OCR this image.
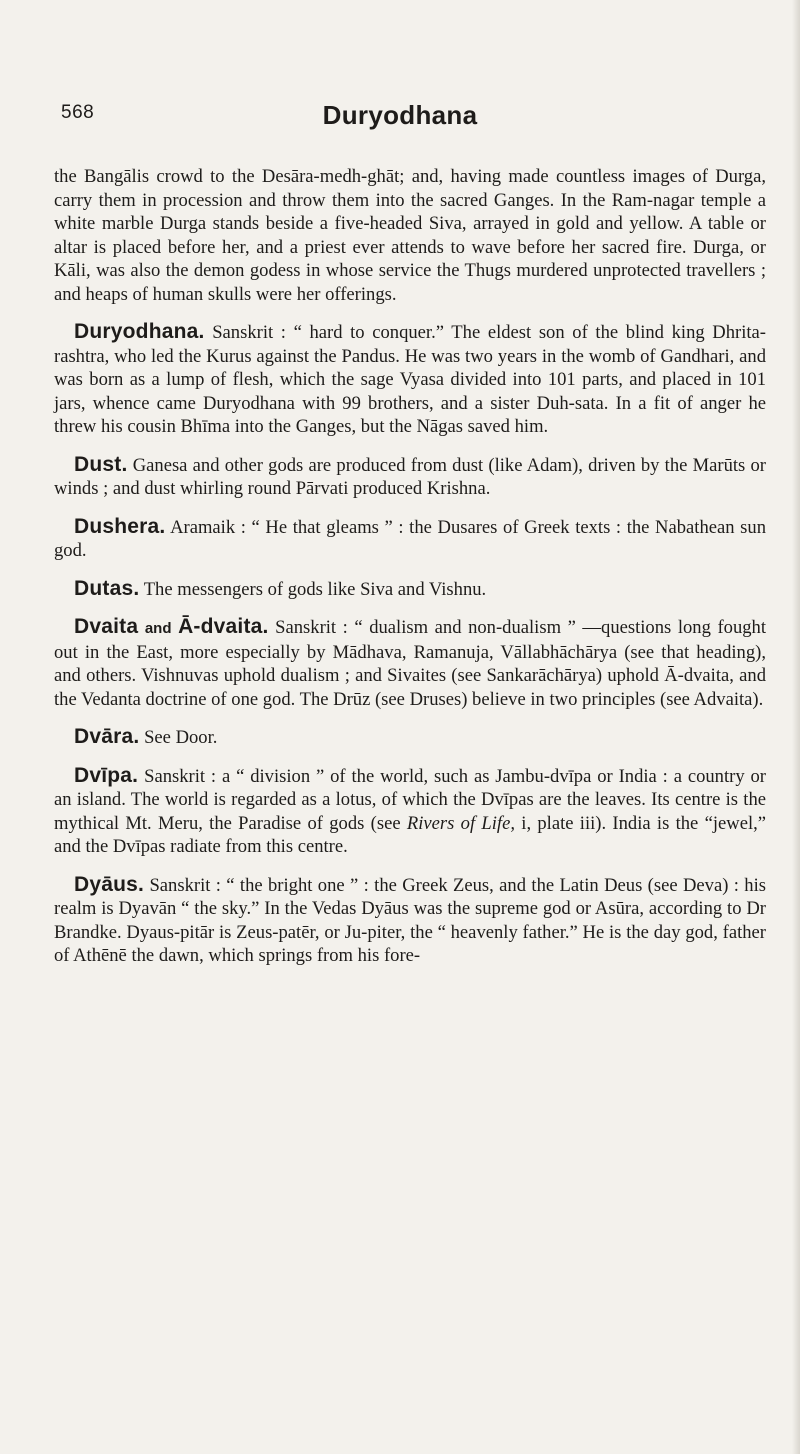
568	Duryodhana

the Bangālis crowd to the Desāra-medh-ghāt; and, having made countless images of Durga, carry them in procession and throw them into the sacred Ganges. In the Ram-nagar temple a white marble Durga stands beside a five-headed Siva, arrayed in gold and yellow. A table or altar is placed before her, and a priest ever attends to wave before her sacred fire. Durga, or Kāli, was also the demon godess in whose service the Thugs murdered unprotected travellers ; and heaps of human skulls were her offerings.

Duryodhana. Sanskrit : “ hard to conquer.” The eldest son of the blind king Dhrita-rashtra, who led the Kurus against the Pandus. He was two years in the womb of Gandhari, and was born as a lump of flesh, which the sage Vyasa divided into 101 parts, and placed in 101 jars, whence came Duryodhana with 99 brothers, and a sister Duh-sata. In a fit of anger he threw his cousin Bhīma into the Ganges, but the Nāgas saved him.

Dust. Ganesa and other gods are produced from dust (like Adam), driven by the Marūts or winds ; and dust whirling round Pārvati produced Krishna.

Dushera. Aramaik : “ He that gleams ” : the Dusares of Greek texts : the Nabathean sun god.

Dutas. The messengers of gods like Siva and Vishnu.

Dvaita and Ā-dvaita. Sanskrit : “ dualism and non-dualism ” —questions long fought out in the East, more especially by Mādhava, Ramanuja, Vāllabhāchārya (see that heading), and others. Vishnuvas uphold dualism ; and Sivaites (see Sankarāchārya) uphold Ā-dvaita, and the Vedanta doctrine of one god. The Drūz (see Druses) believe in two principles (see Advaita).

Dvāra. See Door.

Dvīpa. Sanskrit : a “ division ” of the world, such as Jambu-dvīpa or India : a country or an island. The world is regarded as a lotus, of which the Dvīpas are the leaves. Its centre is the mythical Mt. Meru, the Paradise of gods (see Rivers of Life, i, plate iii). India is the “jewel,” and the Dvīpas radiate from this centre.

Dyāus. Sanskrit : “ the bright one ” : the Greek Zeus, and the Latin Deus (see Deva) : his realm is Dyavān “ the sky.” In the Vedas Dyāus was the supreme god or Asūra, according to Dr Brandke. Dyaus-pitār is Zeus-patēr, or Ju-piter, the “ heavenly father.” He is the day god, father of Athēnē the dawn, which springs from his fore-
